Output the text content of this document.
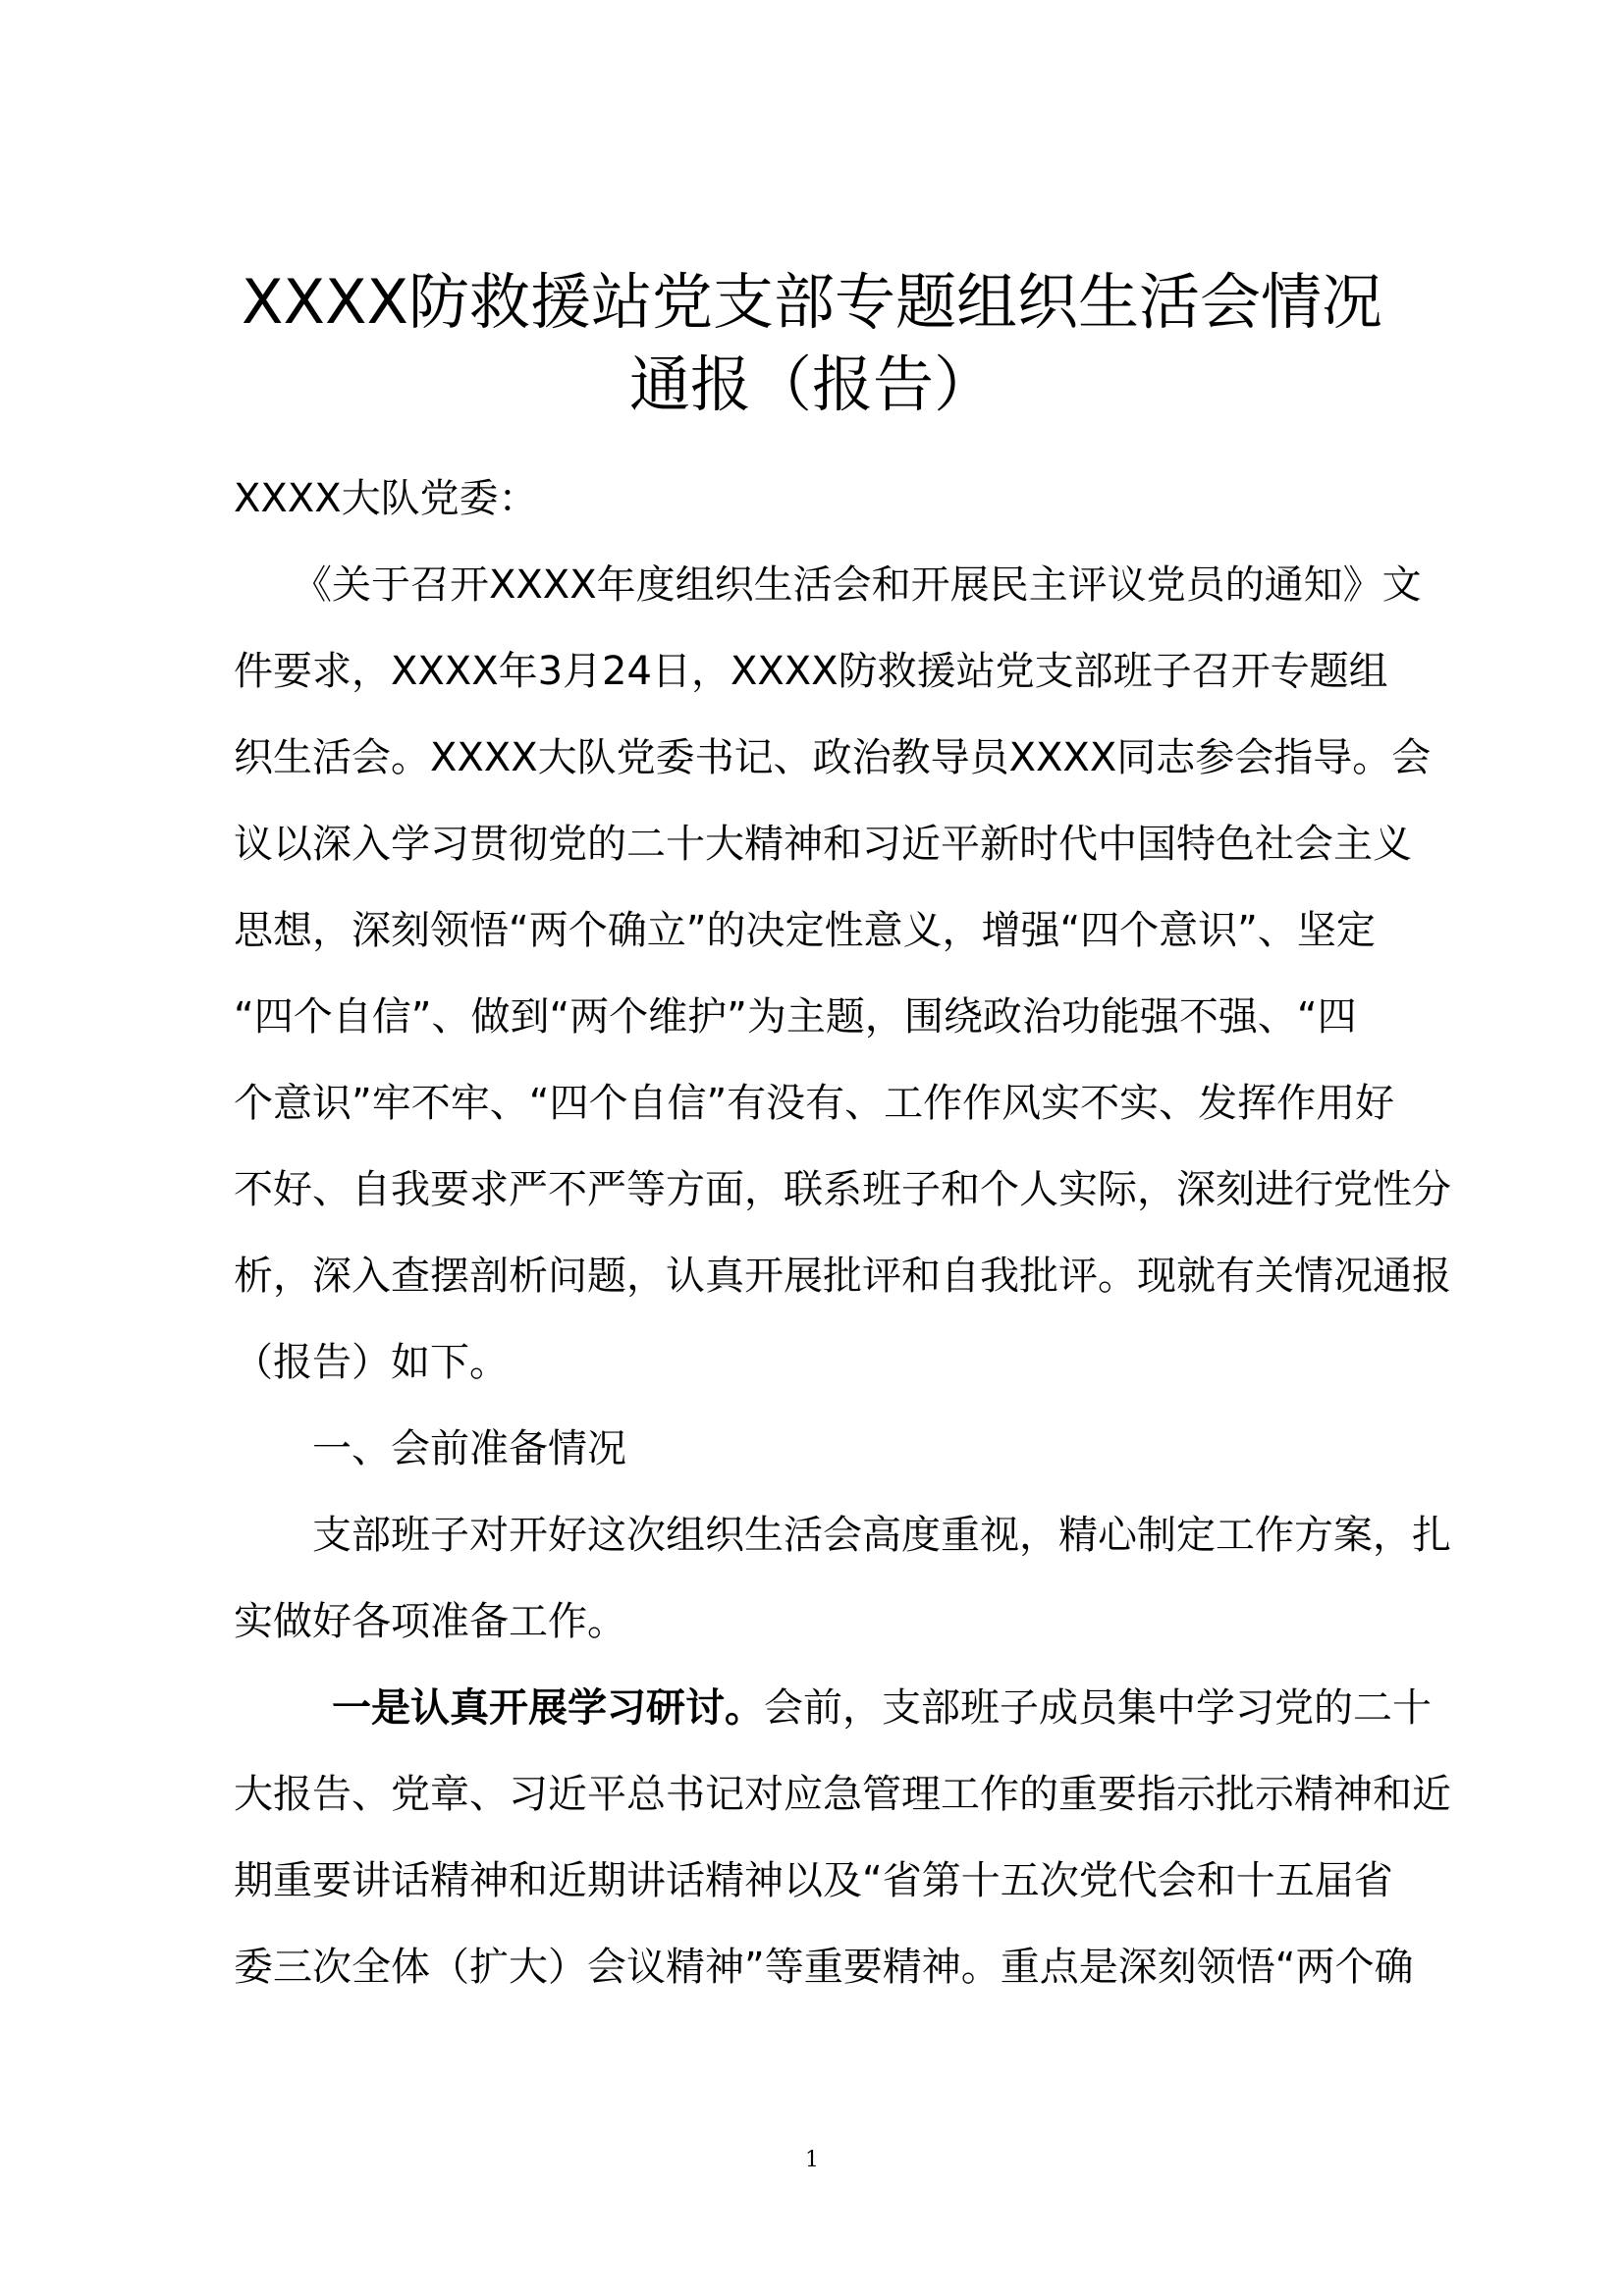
XXXX防救援站党支部专题组织生活会情况
通报（报告）
XXXX大队党委：
《关于召开XXXX年度组织生活会和开展民主评议党员的通知》文
件要求，XXXX年3月24日，XXXX防救援站党支部班子召开专题组
织生活会。XXXX大队党委书记、政治教导员XXXX同志参会指导。会
议以深入学习贯彻党的二十大精神和习近平新时代中国特色社会主义
思想，深刻领悟“两个确立”的决定性意义，增强“四个意识”、坚定
“四个自信”、做到“两个维护”为主题，围绕政治功能强不强、“四
个意识”牢不牢、“四个自信”有没有、工作作风实不实、发挥作用好
不好、自我要求严不严等方面，联系班子和个人实际，深刻进行党性分
析，深入查摆剖析问题，认真开展批评和自我批评。现就有关情况通报
（报告）如下。
一、会前准备情况
支部班子对开好这次组织生活会高度重视，精心制定工作方案，扎
实做好各项准备工作。
一是认真开展学习研讨。会前，支部班子成员集中学习党的二十
大报告、党章、习近平总书记对应急管理工作的重要指示批示精神和近
期重要讲话精神和近期讲话精神以及“省第十五次党代会和十五届省
委三次全体（扩大）会议精神”等重要精神。重点是深刻领悟“两个确
1
